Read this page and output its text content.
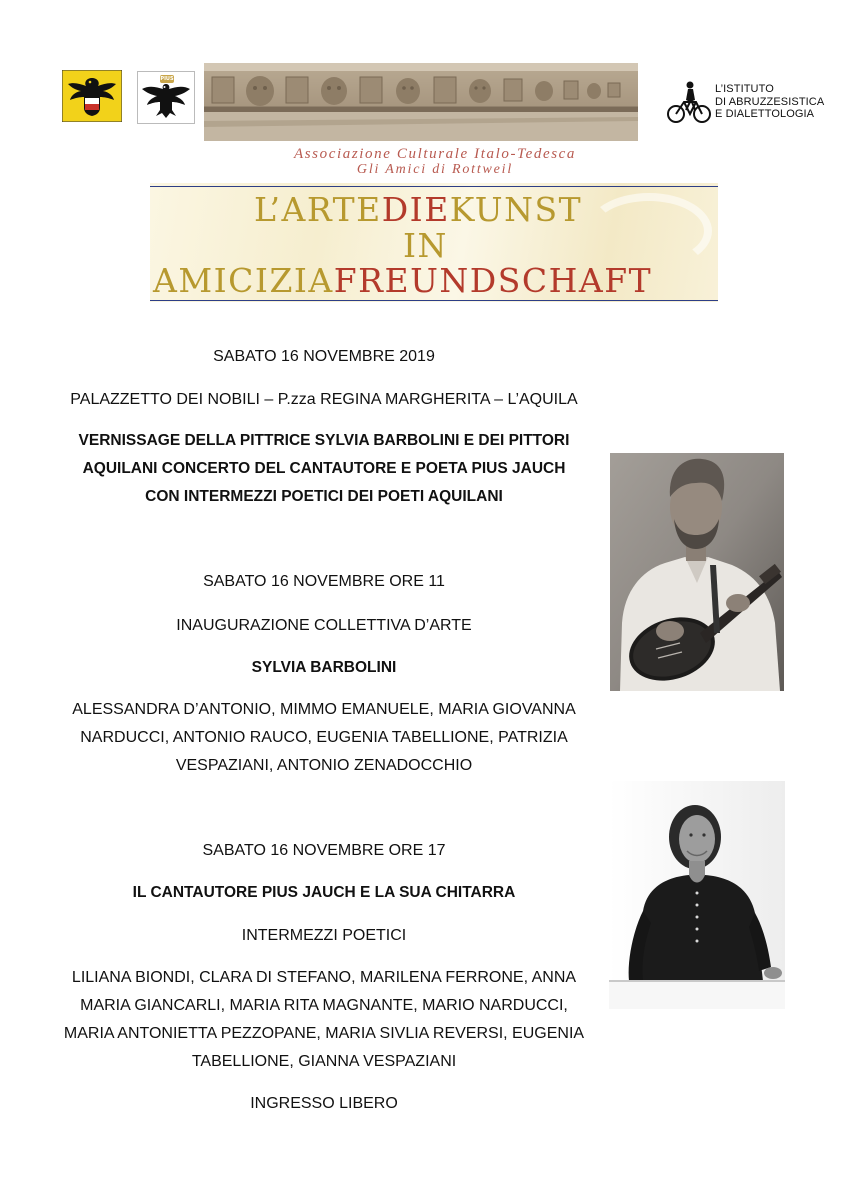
PIUS
L’ISTITUTO
DI ABRUZZESISTICA
E DIALETTOLOGIA
Associazione Culturale Italo-Tedesca
Gli Amici di Rottweil
L’ARTEDIEKUNST
IN
AMICIZIAFREUNDSCHAFT
SABATO 16 NOVEMBRE 2019
PALAZZETTO DEI NOBILI – P.zza REGINA MARGHERITA – L’AQUILA
VERNISSAGE DELLA PITTRICE SYLVIA BARBOLINI E DEI PITTORI
AQUILANI CONCERTO DEL CANTAUTORE E POETA PIUS JAUCH
CON INTERMEZZI POETICI DEI POETI AQUILANI
SABATO 16 NOVEMBRE ORE 11
INAUGURAZIONE COLLETTIVA D’ARTE
SYLVIA BARBOLINI
ALESSANDRA D’ANTONIO, MIMMO EMANUELE, MARIA GIOVANNA
NARDUCCI, ANTONIO RAUCO, EUGENIA TABELLIONE, PATRIZIA
VESPAZIANI, ANTONIO ZENADOCCHIO
SABATO 16 NOVEMBRE ORE 17
IL CANTAUTORE PIUS JAUCH E LA SUA CHITARRA
INTERMEZZI POETICI
LILIANA BIONDI, CLARA DI STEFANO, MARILENA FERRONE, ANNA
MARIA GIANCARLI, MARIA RITA MAGNANTE, MARIO NARDUCCI,
MARIA ANTONIETTA PEZZOPANE, MARIA SIVLIA REVERSI, EUGENIA
TABELLIONE, GIANNA VESPAZIANI
INGRESSO LIBERO
